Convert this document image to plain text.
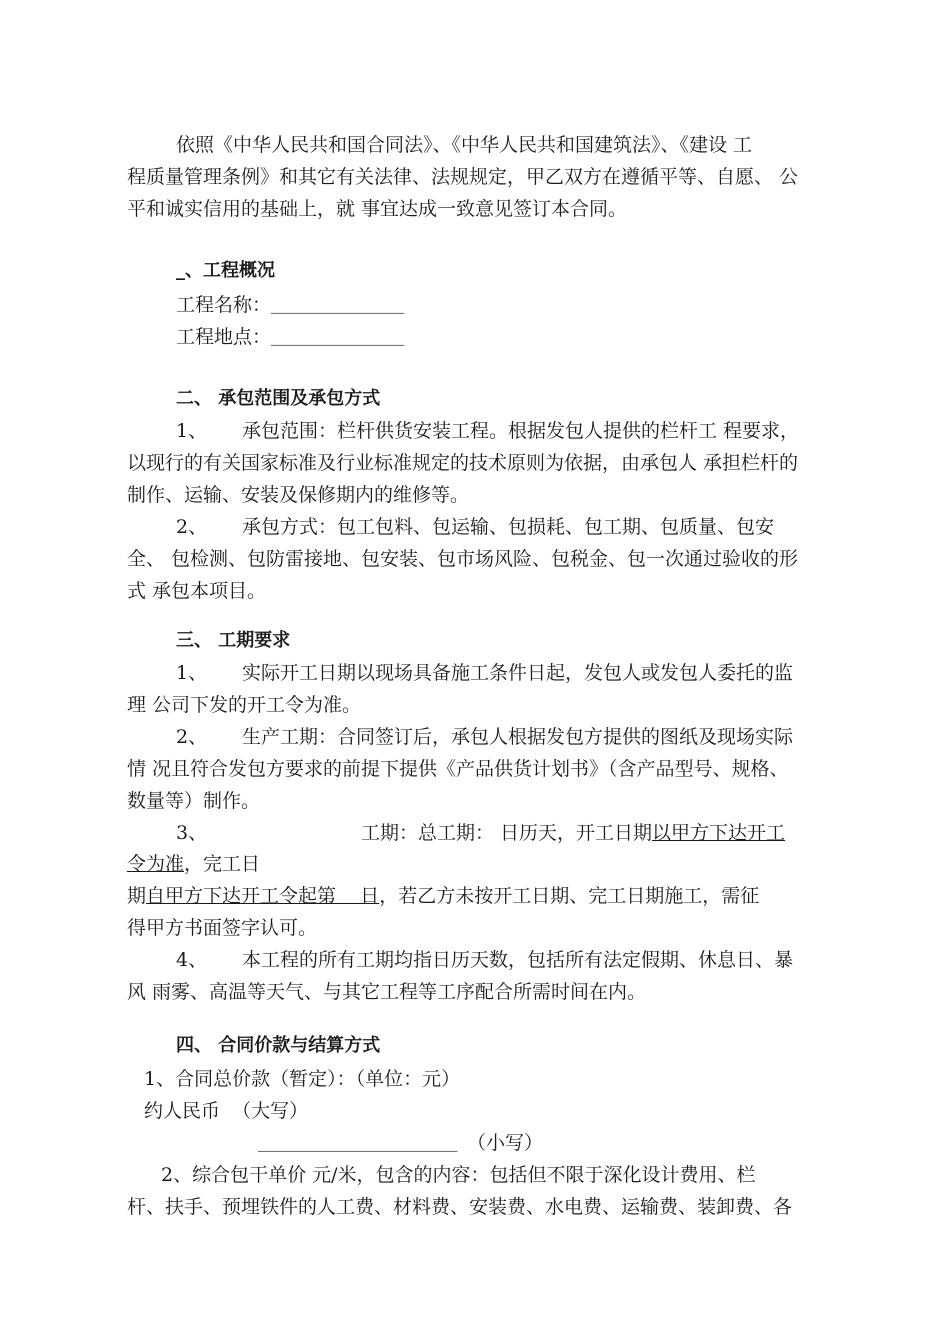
依照《中华人民共和国合同法》、《中华人民共和国建筑法》、《建设 工
程质量管理条例》和其它有关法律、法规规定，甲乙双方在遵循平等、自愿、 公
平和诚实信用的基础上，就 事宜达成一致意见签订本合同。
_、工程概况
工程名称： ______________
工程地点： ______________
二、 承包范围及承包方式
1、 承包范围：栏杆供货安装工程。根据发包人提供的栏杆工 程要求，
以现行的有关国家标准及行业标准规定的技术原则为依据，由承包人 承担栏杆的
制作、运输、安装及保修期内的维修等。
2、 承包方式：包工包料、包运输、包损耗、包工期、包质量、包安
全、 包检测、包防雷接地、包安装、包市场风险、包税金、包一次通过验收的形
式 承包本项目。
三、 工期要求
1、 实际开工日期以现场具备施工条件日起，发包人或发包人委托的监
理 公司下发的开工令为准。
2、 生产工期：合同签订后，承包人根据发包方提供的图纸及现场实际
情 况且符合发包方要求的前提下提供《产品供货计划书》（含产品型号、规格、
数量等）制作。
3、	工期：总工期： 日历天，开工日期以甲方下达开工
令为准，完工日
期自甲方下达开工令起第    日，若乙方未按开工日期、完工日期施工，需征
得甲方书面签字认可。
4、 本工程的所有工期均指日历天数，包括所有法定假期、休息日、暴
风 雨雾、高温等天气、与其它工程等工序配合所需时间在内。
四、 合同价款与结算方式
1、合同总价款（暂定）：（单位：元）
约人民币  （大写）
_____________________ （小写）
2、综合包干单价 元/米，包含的内容：包括但不限于深化设计费用、栏
杆、扶手、预埋铁件的人工费、材料费、安装费、水电费、运输费、装卸费、各
